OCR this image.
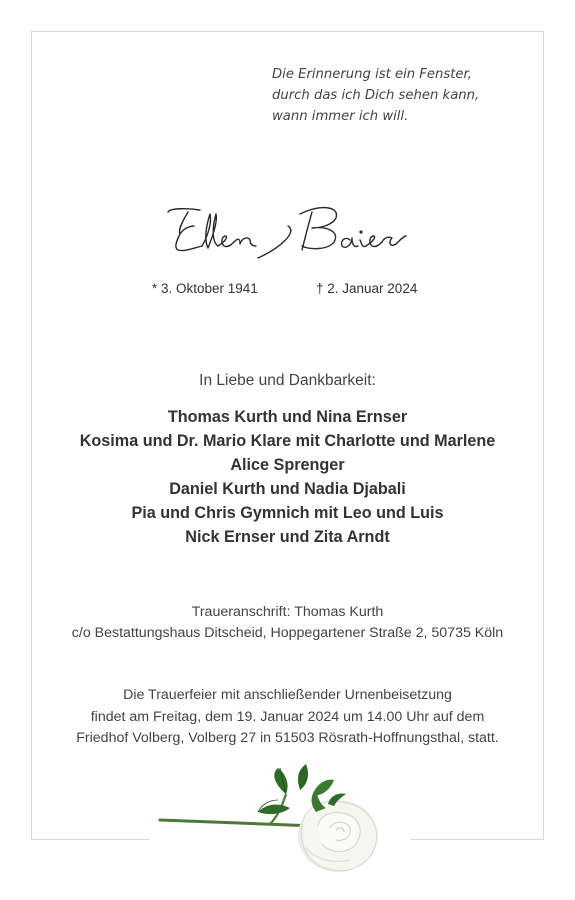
Die Erinnerung ist ein Fenster,
durch das ich Dich sehen kann,
wann immer ich will.
* 3. Oktober 1941	† 2. Januar 2024
In Liebe und Dankbarkeit:
Thomas Kurth und Nina Ernser
Kosima und Dr. Mario Klare mit Charlotte und Marlene
Alice Sprenger
Daniel Kurth und Nadia Djabali
Pia und Chris Gymnich mit Leo und Luis
Nick Ernser und Zita Arndt
Traueranschrift: Thomas Kurth
c/o Bestattungshaus Ditscheid, Hoppegartener Straße 2, 50735 Köln
Die Trauerfeier mit anschließender Urnenbeisetzung
findet am Freitag, dem 19. Januar 2024 um 14.00 Uhr auf dem
Friedhof Volberg, Volberg 27 in 51503 Rösrath-Hoffnungsthal, statt.
